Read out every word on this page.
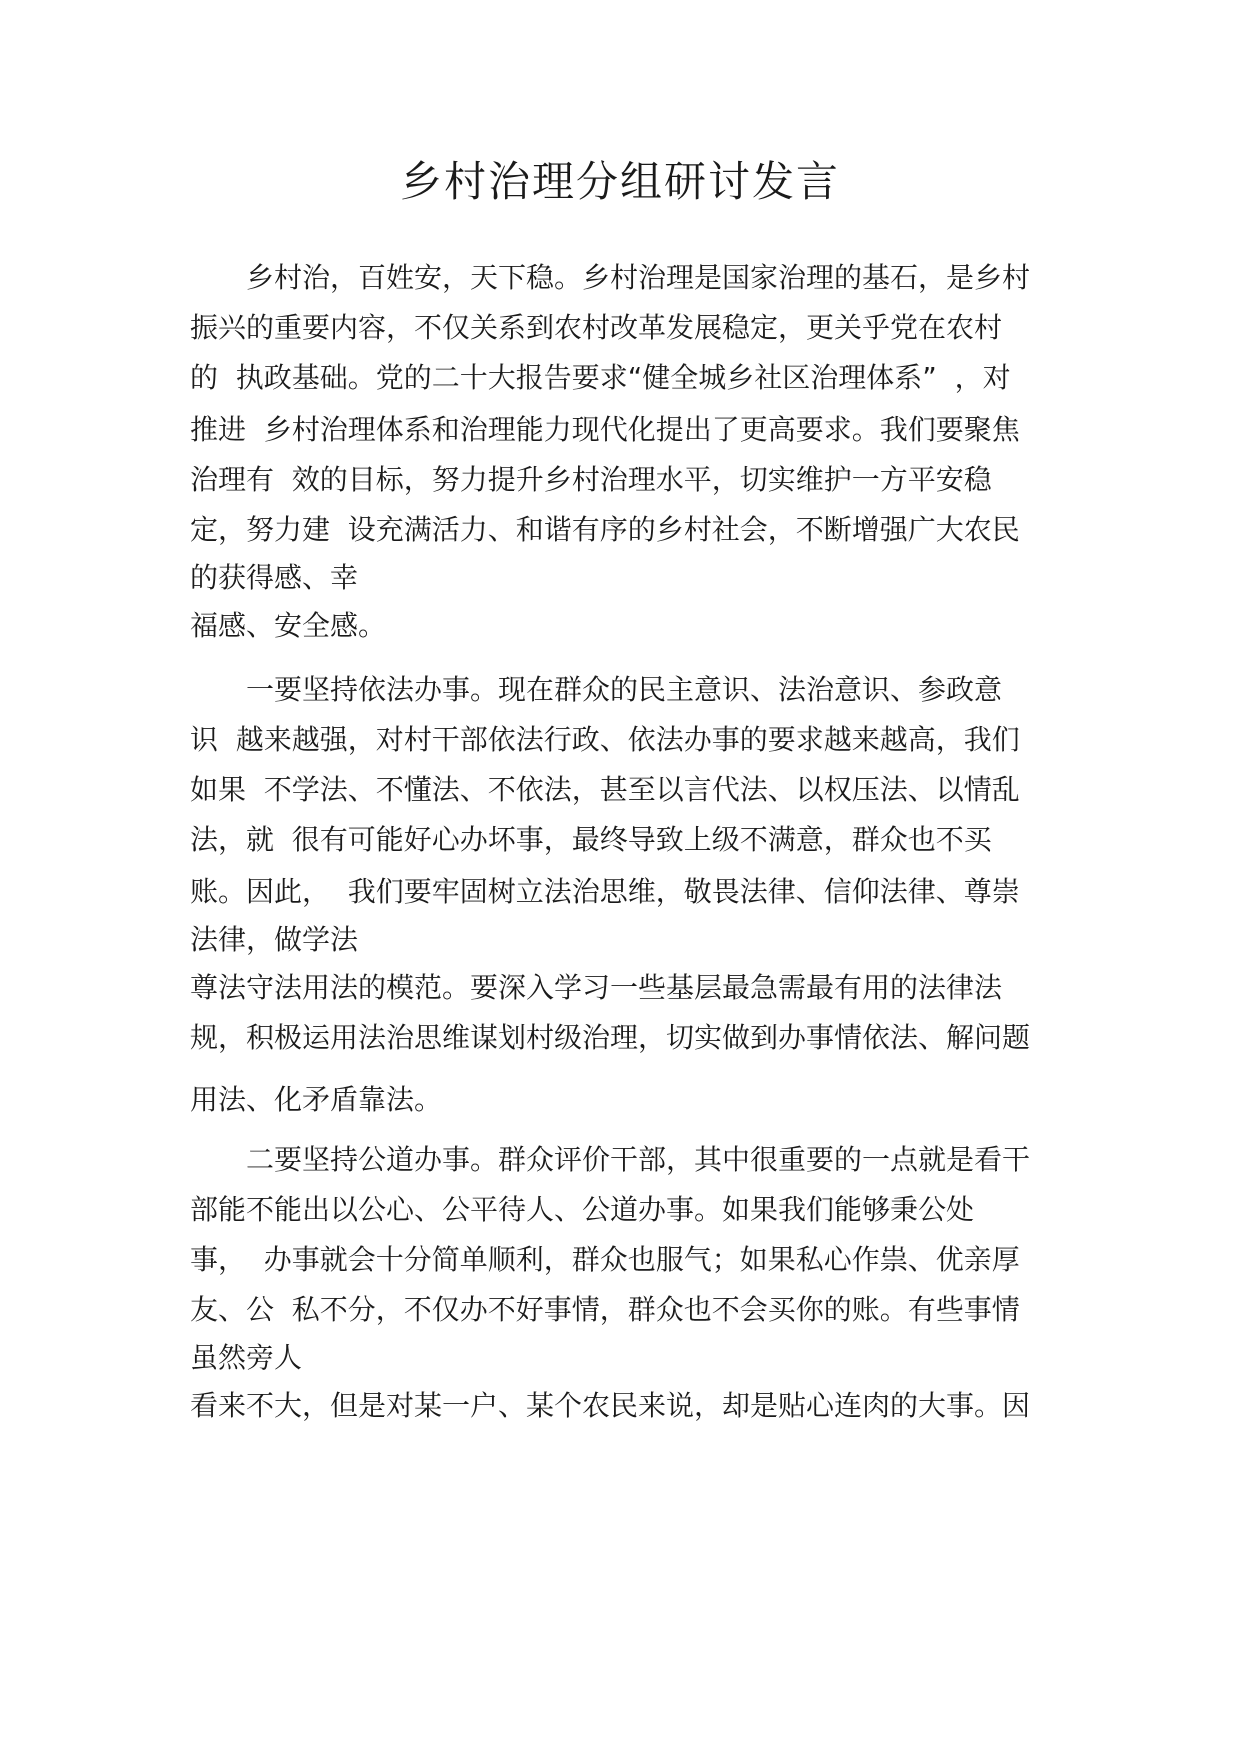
乡村治理分组研讨发言

乡村治，百姓安，天下稳。乡村治理是国家治理的基石，是乡村

振兴的重要内容，不仅关系到农村改革发展稳定，更关乎党在农村

的  执政基础。党的二十大报告要求“健全城乡社区治理体系”  ，对

推进  乡村治理体系和治理能力现代化提出了更高要求。我们要聚焦

治理有  效的目标，努力提升乡村治理水平，切实维护一方平安稳

定，努力建  设充满活力、和谐有序的乡村社会，不断增强广大农民

的获得感、幸

福感、安全感。

一要坚持依法办事。现在群众的民主意识、法治意识、参政意

识  越来越强，对村干部依法行政、依法办事的要求越来越高，我们

如果  不学法、不懂法、不依法，甚至以言代法、以权压法、以情乱

法，就  很有可能好心办坏事，最终导致上级不满意，群众也不买

账。因此，  我们要牢固树立法治思维，敬畏法律、信仰法律、尊崇

法律，做学法

尊法守法用法的模范。要深入学习一些基层最急需最有用的法律法

规，积极运用法治思维谋划村级治理，切实做到办事情依法、解问题

用法、化矛盾靠法。

二要坚持公道办事。群众评价干部，其中很重要的一点就是看干

部能不能出以公心、公平待人、公道办事。如果我们能够秉公处

事，  办事就会十分简单顺利，群众也服气；如果私心作祟、优亲厚

友、公  私不分，不仅办不好事情，群众也不会买你的账。有些事情

虽然旁人

看来不大，但是对某一户、某个农民来说，却是贴心连肉的大事。因
